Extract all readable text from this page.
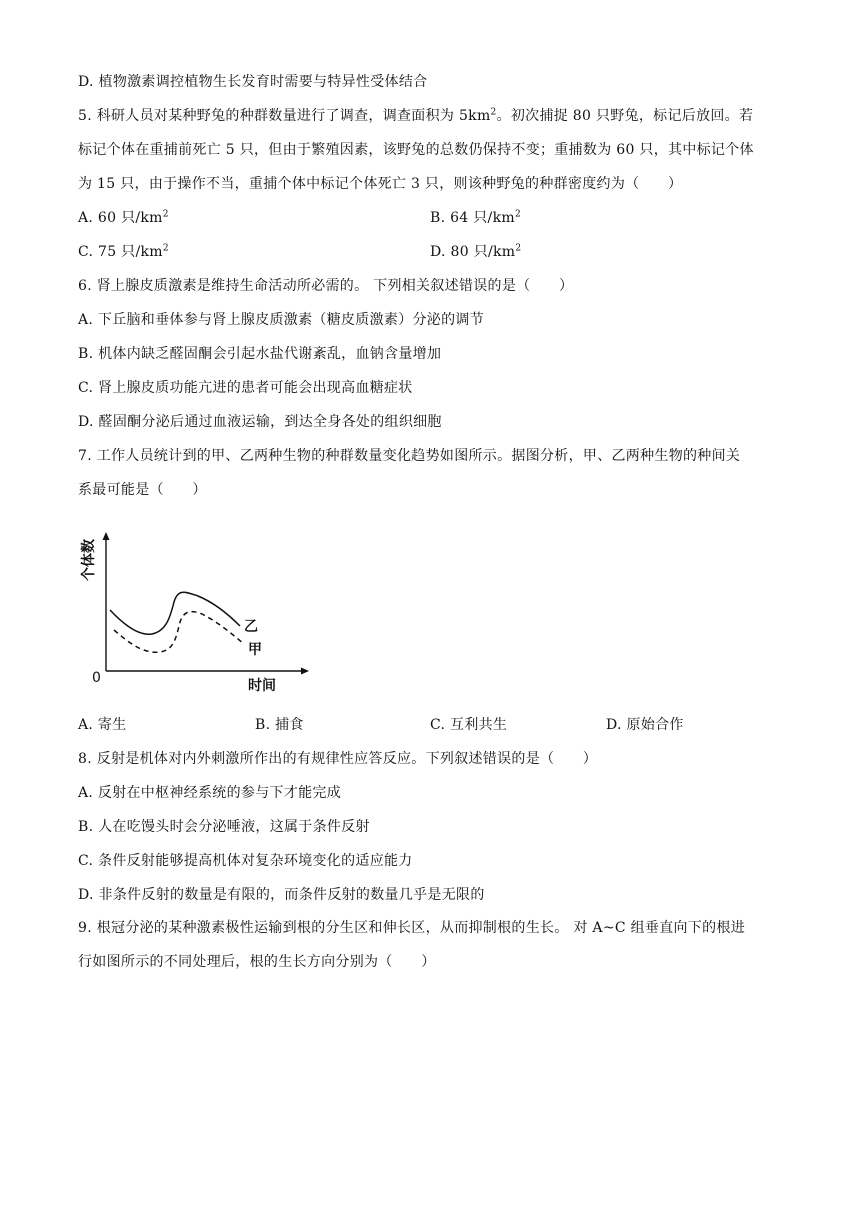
D. 植物激素调控植物生长发育时需要与特异性受体结合
5. 科研人员对某种野兔的种群数量进行了调查，调查面积为 $5km^2$。初次捕捉 80 只野兔，标记后放回。若
标记个体在重捕前死亡 5 只，但由于繁殖因素，该野兔的总数仍保持不变；重捕数为 60 只，其中标记个体
为 15 只，由于操作不当，重捕个体中标记个体死亡 3 只，则该种野兔的种群密度约为（　　）
A. 60 只$/km^2$	B. 64 只$/km^2$
C. 75 只$/km^2$	D. 80 只$/km^2$
6. 肾上腺皮质激素是维持生命活动所必需的。 下列相关叙述错误的是（　　）
A. 下丘脑和垂体参与肾上腺皮质激素（糖皮质激素）分泌的调节
B. 机体内缺乏醛固酮会引起水盐代谢紊乱，血钠含量增加
C. 肾上腺皮质功能亢进的患者可能会出现高血糖症状
D. 醛固酮分泌后通过血液运输，到达全身各处的组织细胞
7. 工作人员统计到的甲、乙两种生物的种群数量变化趋势如图所示。据图分析，甲、乙两种生物的种间关
系最可能是（　　）
个体数
时间
0
乙
甲
A. 寄生	B. 捕食	C. 互利共生	D. 原始合作
8. 反射是机体对内外刺激所作出的有规律性应答反应。下列叙述错误的是（　　）
A. 反射在中枢神经系统的参与下才能完成
B. 人在吃馒头时会分泌唾液，这属于条件反射
C. 条件反射能够提高机体对复杂环境变化的适应能力
D. 非条件反射的数量是有限的，而条件反射的数量几乎是无限的
9. 根冠分泌的某种激素极性运输到根的分生区和伸长区，从而抑制根的生长。 对 A~C 组垂直向下的根进
行如图所示的不同处理后，根的生长方向分别为（　　）
